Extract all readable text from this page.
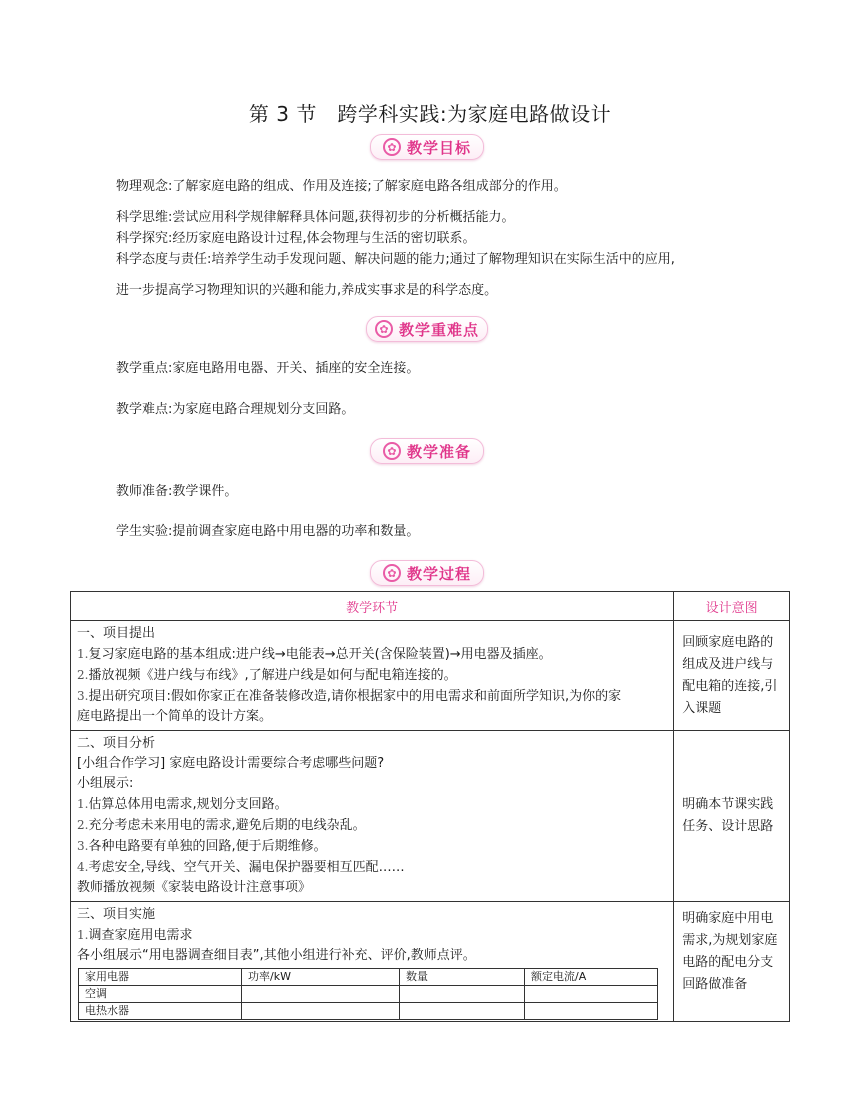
第 3 节　跨学科实践:为家庭电路做设计
✿ 教学目标
物理观念:了解家庭电路的组成、作用及连接;了解家庭电路各组成部分的作用。
科学思维:尝试应用科学规律解释具体问题,获得初步的分析概括能力。
科学探究:经历家庭电路设计过程,体会物理与生活的密切联系。
科学态度与责任:培养学生动手发现问题、解决问题的能力;通过了解物理知识在实际生活中的应用,
进一步提高学习物理知识的兴趣和能力,养成实事求是的科学态度。
✿ 教学重难点
教学重点:家庭电路用电器、开关、插座的安全连接。
教学难点:为家庭电路合理规划分支回路。
✿ 教学准备
教师准备:教学课件。
学生实验:提前调查家庭电路中用电器的功率和数量。
✿ 教学过程
教学环节	设计意图

一、项目提出
1.复习家庭电路的基本组成:进户线→电能表→总开关(含保险装置)→用电器及插座。
2.播放视频《进户线与布线》,了解进户线是如何与配电箱连接的。
3.提出研究项目:假如你家正在准备装修改造,请你根据家中的用电需求和前面所学知识,为你的家
庭电路提出一个简单的设计方案。
	回顾家庭电路的组成及进户线与配电箱的连接,引入课题

二、项目分析
[小组合作学习] 家庭电路设计需要综合考虑哪些问题?
小组展示:
1.估算总体用电需求,规划分支回路。
2.充分考虑未来用电的需求,避免后期的电线杂乱。
3.各种电路要有单独的回路,便于后期维修。
4.考虑安全,导线、空气开关、漏电保护器要相互匹配……
教师播放视频《家装电路设计注意事项》
	明确本节课实践任务、设计思路

三、项目实施
1.调查家庭用电需求
各小组展示“用电器调查细目表”,其他小组进行补充、评价,教师点评。
家用电器	功率/kW	数量	额定电流/A
空调			
电热水器			
	明确家庭中用电需求,为规划家庭电路的配电分支回路做准备
